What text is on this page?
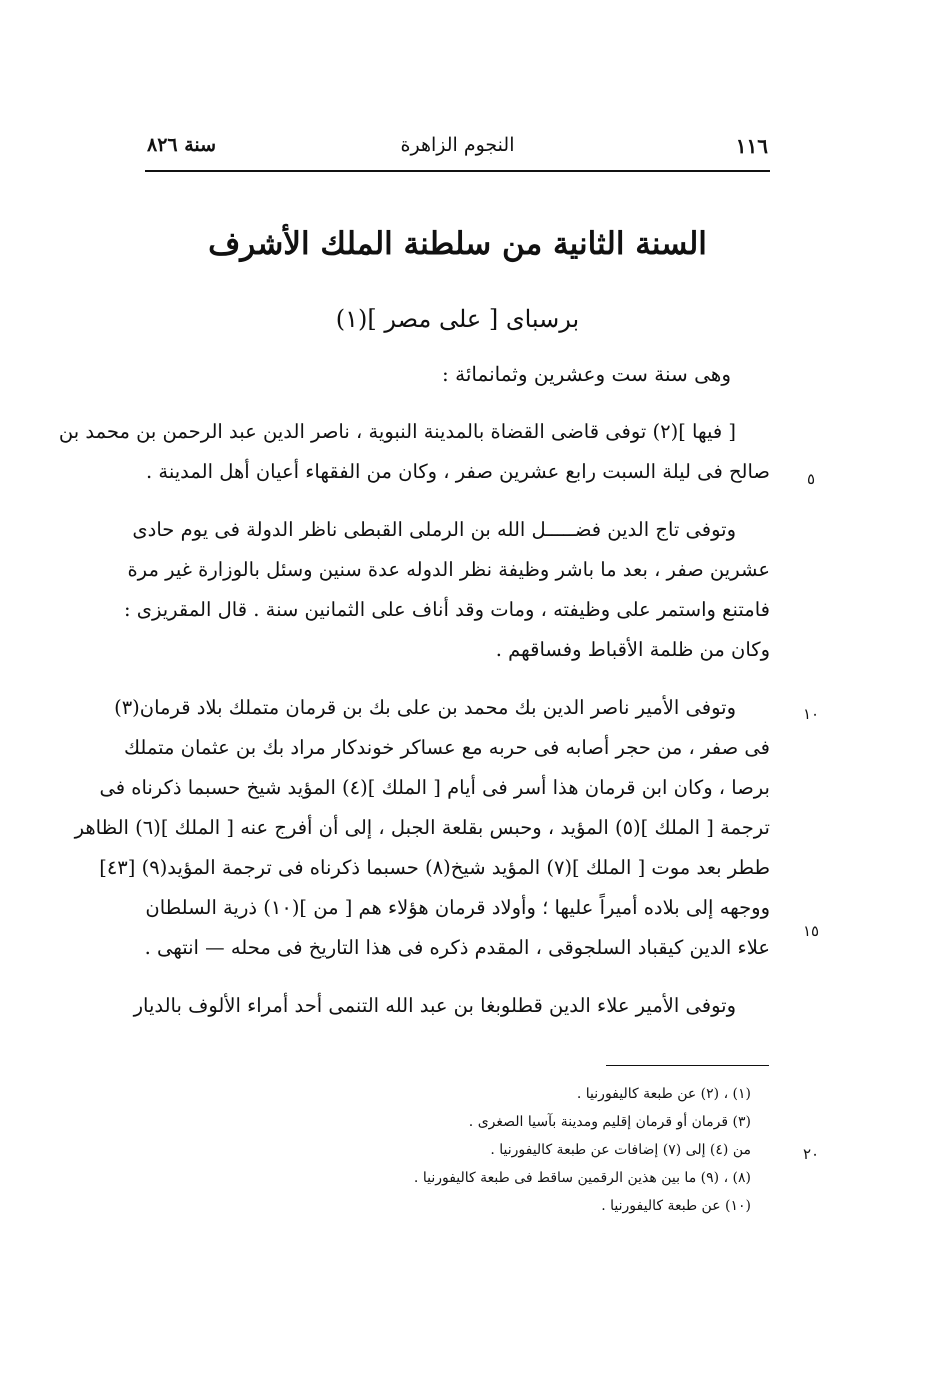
١١٦
النجوم الزاهرة
سنة ٨٢٦
السنة الثانية من سلطنة الملك الأشرف
برسباى [ على مصر ](١)
وهى سنة ست وعشرين وثمانمائة :
[ فيها ](٢) توفى قاضى القضاة بالمدينة النبوية ، ناصر الدين عبد الرحمن بن محمد بن
صالح فى ليلة السبت رابع عشرين صفر ، وكان من الفقهاء أعيان أهل المدينة .
وتوفى تاج الدين فضـــــل الله بن الرملى القبطى ناظر الدولة فى يوم حادى
عشرين صفر ، بعد ما باشر وظيفة نظر الدوله عدة سنين وسئل بالوزارة غير مرة
فامتنع واستمر على وظيفته ، ومات وقد أناف على الثمانين سنة . قال المقريزى :
وكان من ظلمة الأقباط وفساقهم .
وتوفى الأمير ناصر الدين بك محمد بن على بك بن قرمان متملك بلاد قرمان(٣)
فى صفر ، من حجر أصابه فى حربه مع عساكر خوندكار مراد بك بن عثمان متملك
برصا ، وكان ابن قرمان هذا أسر فى أيام [ الملك ](٤) المؤيد شيخ حسبما ذكرناه فى
ترجمة [ الملك ](٥) المؤيد ، وحبس بقلعة الجبل ، إلى أن أفرج عنه [ الملك ](٦) الظاهر
ططر بعد موت [ الملك ](٧) المؤيد شيخ(٨) حسبما ذكرناه فى ترجمة المؤيد(٩) [٤٣]
ووجهه إلى بلاده أميراً عليها ؛ وأولاد قرمان هؤلاء هم [ من ](١٠) ذرية السلطان
علاء الدين كيقباد السلجوقى ، المقدم ذكره فى هذا التاريخ فى محله — انتهى .
وتوفى الأمير علاء الدين قطلوبغا بن عبد الله التنمى أحد أمراء الألوف بالديار
٥
١٠
١٥
٢٠
(١) ، (٢) عن طبعة كاليفورنيا .
(٣) قرمان أو قرمان إقليم ومدينة بآسيا الصغرى .
من (٤) إلى (٧) إضافات عن طبعة كاليفورنيا .
(٨) ، (٩) ما بين هذين الرقمين ساقط فى طبعة كاليفورنيا .
(١٠) عن طبعة كاليفورنيا .
